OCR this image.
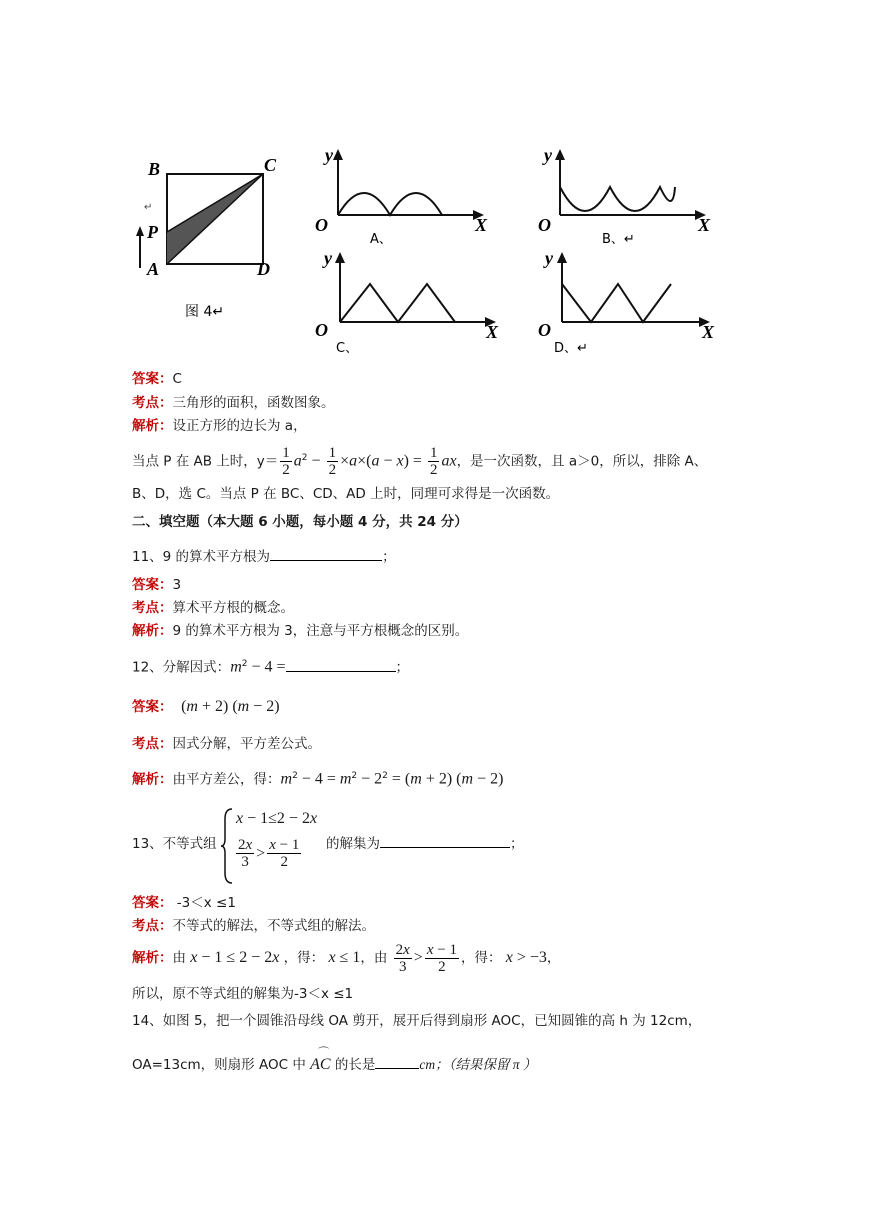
B	C
P
A	D
↵
图 4↵
y
O	X
A、
y
O	X
B、↵
y
O	X
C、
y
O	X
D、↵
答案：C
考点：三角形的面积，函数图象。
解析：设正方形的边长为 a，
当点 P 在 AB 上时，$y= \frac{1}{2} a^2 - \frac{1}{2} \times a\times(a - x) = \frac{1}{2}$ ax，是一次函数，且 a＞0，所以，排除 A、
B、D，选 C。当点 P 在 BC、CD、AD 上时，同理可求得是一次函数。
二、填空题（本大题 6 小题，每小题 4 分，共 24 分）
11、9 的算术平方根为	；
答案：3
考点：算术平方根的概念。
解析：9 的算术平方根为 3，注意与平方根概念的区别。
12、分解因式：$m^2 - 4$ =	；
答案： (m + 2) (m − 2)
考点：因式分解，平方差公式。
解析：由平方差公，得：$m^2 - 4 = m^2 - 2^2 = (m + 2) (m - 2)$
13、不等式组
x − 1≤2 − 2x
$\frac{2x}{3} > \frac{x - 1}{2}$ 的解集为	；
答案： -3＜x ≤1
考点：不等式的解法，不等式组的解法。
解析：由 x − 1 ≤ 2 − 2x ，得： x ≤ 1，由 $\frac{2x}{3} > \frac{x - 1}{2}$ ，得： x > −3，
所以，原不等式组的解集为-3＜x ≤1
14、如图 5，把一个圆锥沿母线 OA 剪开，展开后得到扇形 AOC，已知圆锥的高 h 为 12cm，
OA=13cm，则扇形 AOC 中
⌒
AC 的长是	cm；（结果保留 π ）
